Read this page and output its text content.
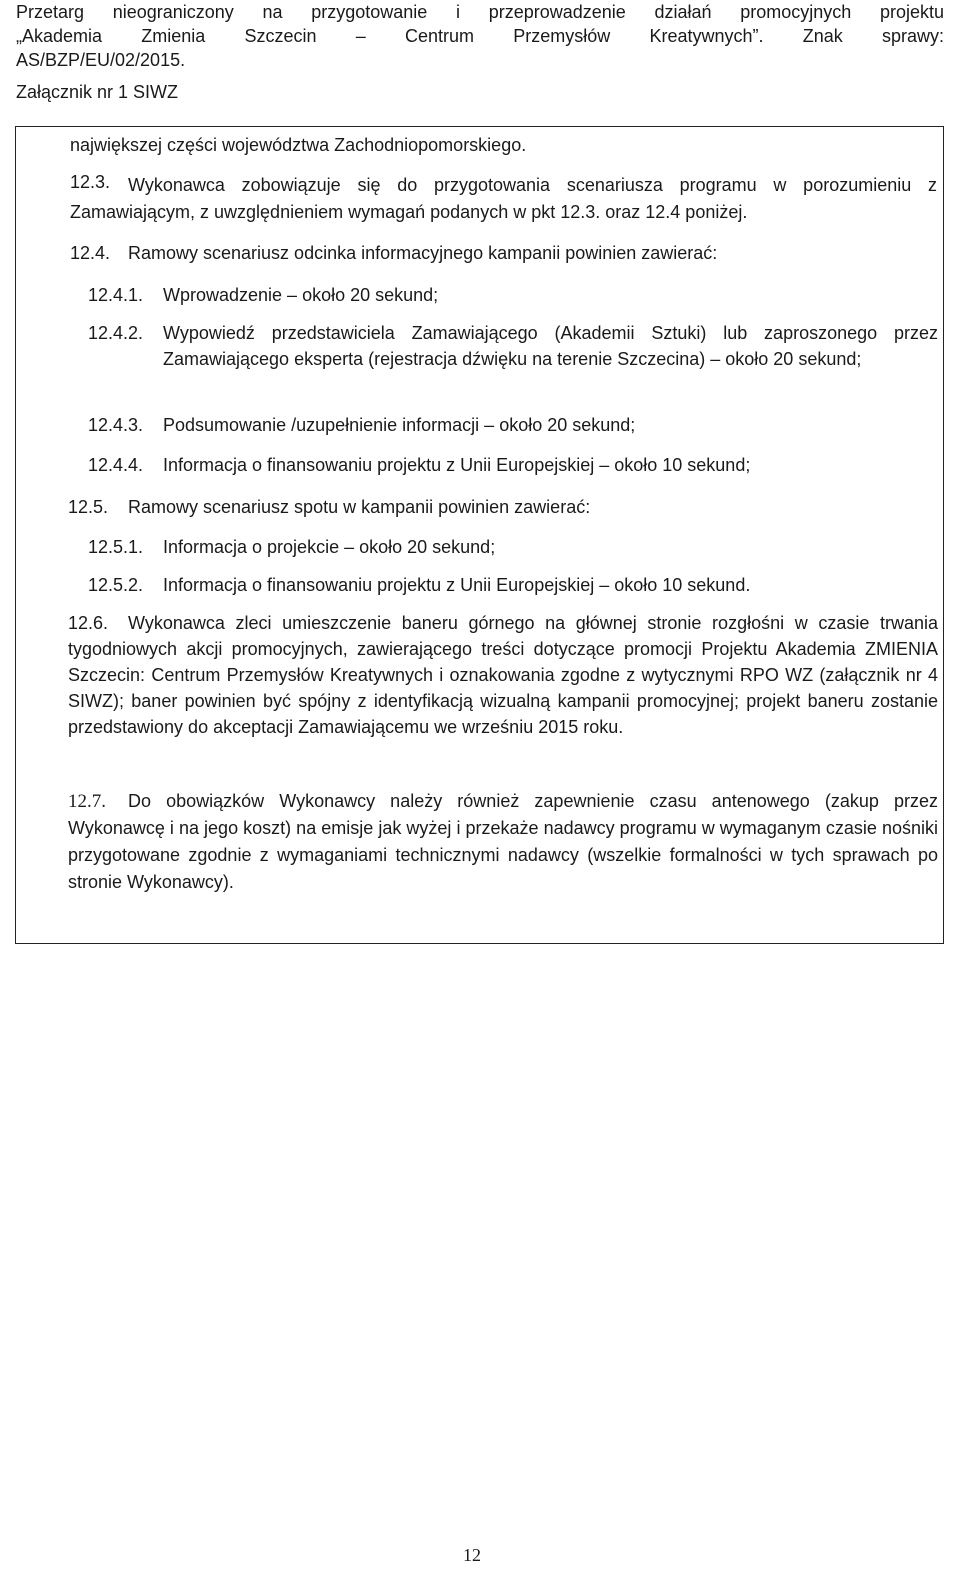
Przetarg nieograniczony na przygotowanie i przeprowadzenie działań promocyjnych projektu
„Akademia Zmienia Szczecin – Centrum Przemysłów Kreatywnych”. Znak sprawy:
AS/BZP/EU/02/2015.
Załącznik nr 1 SIWZ
największej części województwa Zachodniopomorskiego.
12.3. Wykonawca zobowiązuje się do przygotowania scenariusza programu w porozumieniu z Zamawiającym, z uwzględnieniem wymagań podanych w pkt 12.3. oraz 12.4 poniżej.
12.4. Ramowy scenariusz odcinka informacyjnego kampanii powinien zawierać:
12.4.1. Wprowadzenie – około 20 sekund;
12.4.2. Wypowiedź przedstawiciela Zamawiającego (Akademii Sztuki) lub zaproszonego przez Zamawiającego eksperta (rejestracja dźwięku na terenie Szczecina) – około 20 sekund;
12.4.3. Podsumowanie /uzupełnienie informacji – około 20 sekund;
12.4.4. Informacja o finansowaniu projektu z Unii Europejskiej – około 10 sekund;
12.5. Ramowy scenariusz spotu w kampanii powinien zawierać:
12.5.1. Informacja o projekcie – około 20 sekund;
12.5.2. Informacja o finansowaniu projektu z Unii Europejskiej – około 10 sekund.
12.6. Wykonawca zleci umieszczenie baneru górnego na głównej stronie rozgłośni w czasie trwania tygodniowych akcji promocyjnych, zawierającego treści dotyczące promocji Projektu Akademia ZMIENIA Szczecin: Centrum Przemysłów Kreatywnych i oznakowania zgodne z wytycznymi RPO WZ (załącznik nr 4 SIWZ); baner powinien być spójny z identyfikacją wizualną kampanii promocyjnej; projekt baneru zostanie przedstawiony do akceptacji Zamawiającemu we wrześniu 2015 roku.
12.7. Do obowiązków Wykonawcy należy również zapewnienie czasu antenowego (zakup przez Wykonawcę i na jego koszt) na emisje jak wyżej i przekaże nadawcy programu w wymaganym czasie nośniki przygotowane zgodnie z wymaganiami technicznymi nadawcy (wszelkie formalności w tych sprawach po stronie Wykonawcy).
12
